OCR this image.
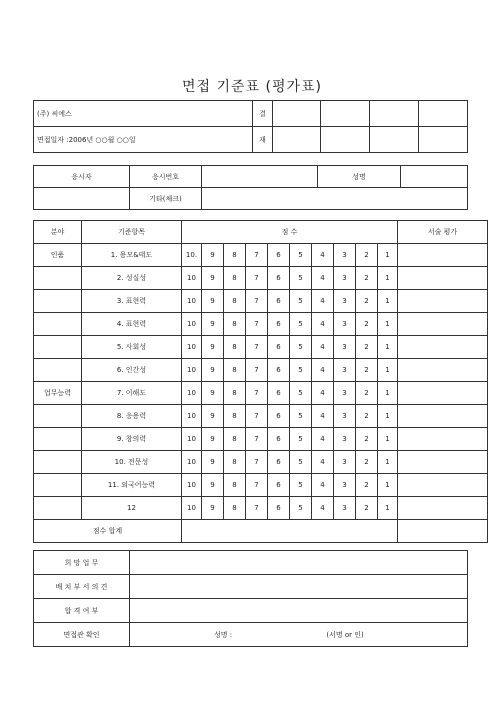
면접 기준표 (평가표)
(주) 씨에스	결				
면접일자 :2006년 ○○월 ○○일	재				
응시자	응시번호		성명	
	기타(체크)			
분야	기준항목	점 수										서술 평가
인품	1. 용모&태도	10.	9	8	7	6	5	4	3	2	1	
	2. 성실성	10	9	8	7	6	5	4	3	2	1	
	3. 표현력	10	9	8	7	6	5	4	3	2	1	
	4. 표현력	10	9	8	7	6	5	4	3	2	1	
	5. 사회성	10	9	8	7	6	5	4	3	2	1	
	6. 인간성	10	9	8	7	6	5	4	3	2	1	
업무능력	7. 이해도	10	9	8	7	6	5	4	3	2	1	
	8. 응용력	10	9	8	7	6	5	4	3	2	1	
	9. 창의력	10	9	8	7	6	5	4	3	2	1	
	10. 전문성	10	9	8	7	6	5	4	3	2	1	
	11. 외국어능력	10	9	8	7	6	5	4	3	2	1	
	12	10	9	8	7	6	5	4	3	2	1	
점수 합계												
희 망 업 무	
배 치 부 서 의 견	
합 격 여 부	
면접관 확인	성명 : (서명 or 인)
